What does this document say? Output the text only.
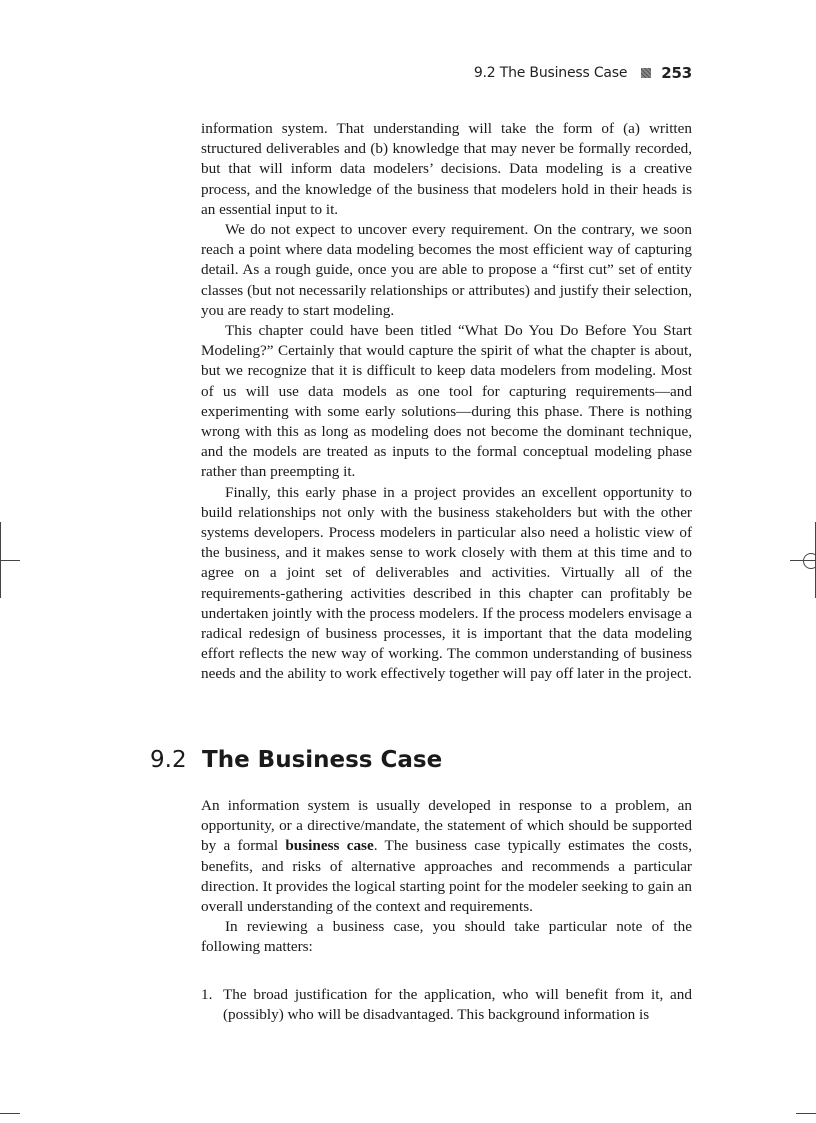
9.2 The Business Case 253

information system. That understanding will take the form of (a) written structured deliverables and (b) knowledge that may never be formally recorded, but that will inform data modelers’ decisions. Data modeling is a creative process, and the knowledge of the business that modelers hold in their heads is an essential input to it.

We do not expect to uncover every requirement. On the contrary, we soon reach a point where data modeling becomes the most efficient way of capturing detail. As a rough guide, once you are able to propose a “first cut” set of entity classes (but not necessarily relationships or attributes) and justify their selection, you are ready to start modeling.

This chapter could have been titled “What Do You Do Before You Start Modeling?” Certainly that would capture the spirit of what the chapter is about, but we recognize that it is difficult to keep data modelers from modeling. Most of us will use data models as one tool for capturing requirements—and experimenting with some early solutions—during this phase. There is nothing wrong with this as long as modeling does not become the dominant technique, and the models are treated as inputs to the formal conceptual modeling phase rather than preempting it.

Finally, this early phase in a project provides an excellent opportunity to build relationships not only with the business stakeholders but with the other systems developers. Process modelers in particular also need a holistic view of the business, and it makes sense to work closely with them at this time and to agree on a joint set of deliverables and activities. Virtually all of the requirements-gathering activities described in this chapter can profitably be undertaken jointly with the process modelers. If the process modelers envisage a radical redesign of business processes, it is important that the data modeling effort reflects the new way of working. The common understanding of business needs and the ability to work effectively together will pay off later in the project.

9.2 The Business Case

An information system is usually developed in response to a problem, an opportunity, or a directive/mandate, the statement of which should be supported by a formal business case. The business case typically estimates the costs, benefits, and risks of alternative approaches and recommends a particular direction. It provides the logical starting point for the modeler seeking to gain an overall understanding of the context and requirements.

In reviewing a business case, you should take particular note of the following matters:

1. The broad justification for the application, who will benefit from it, and (possibly) who will be disadvantaged. This background information is
